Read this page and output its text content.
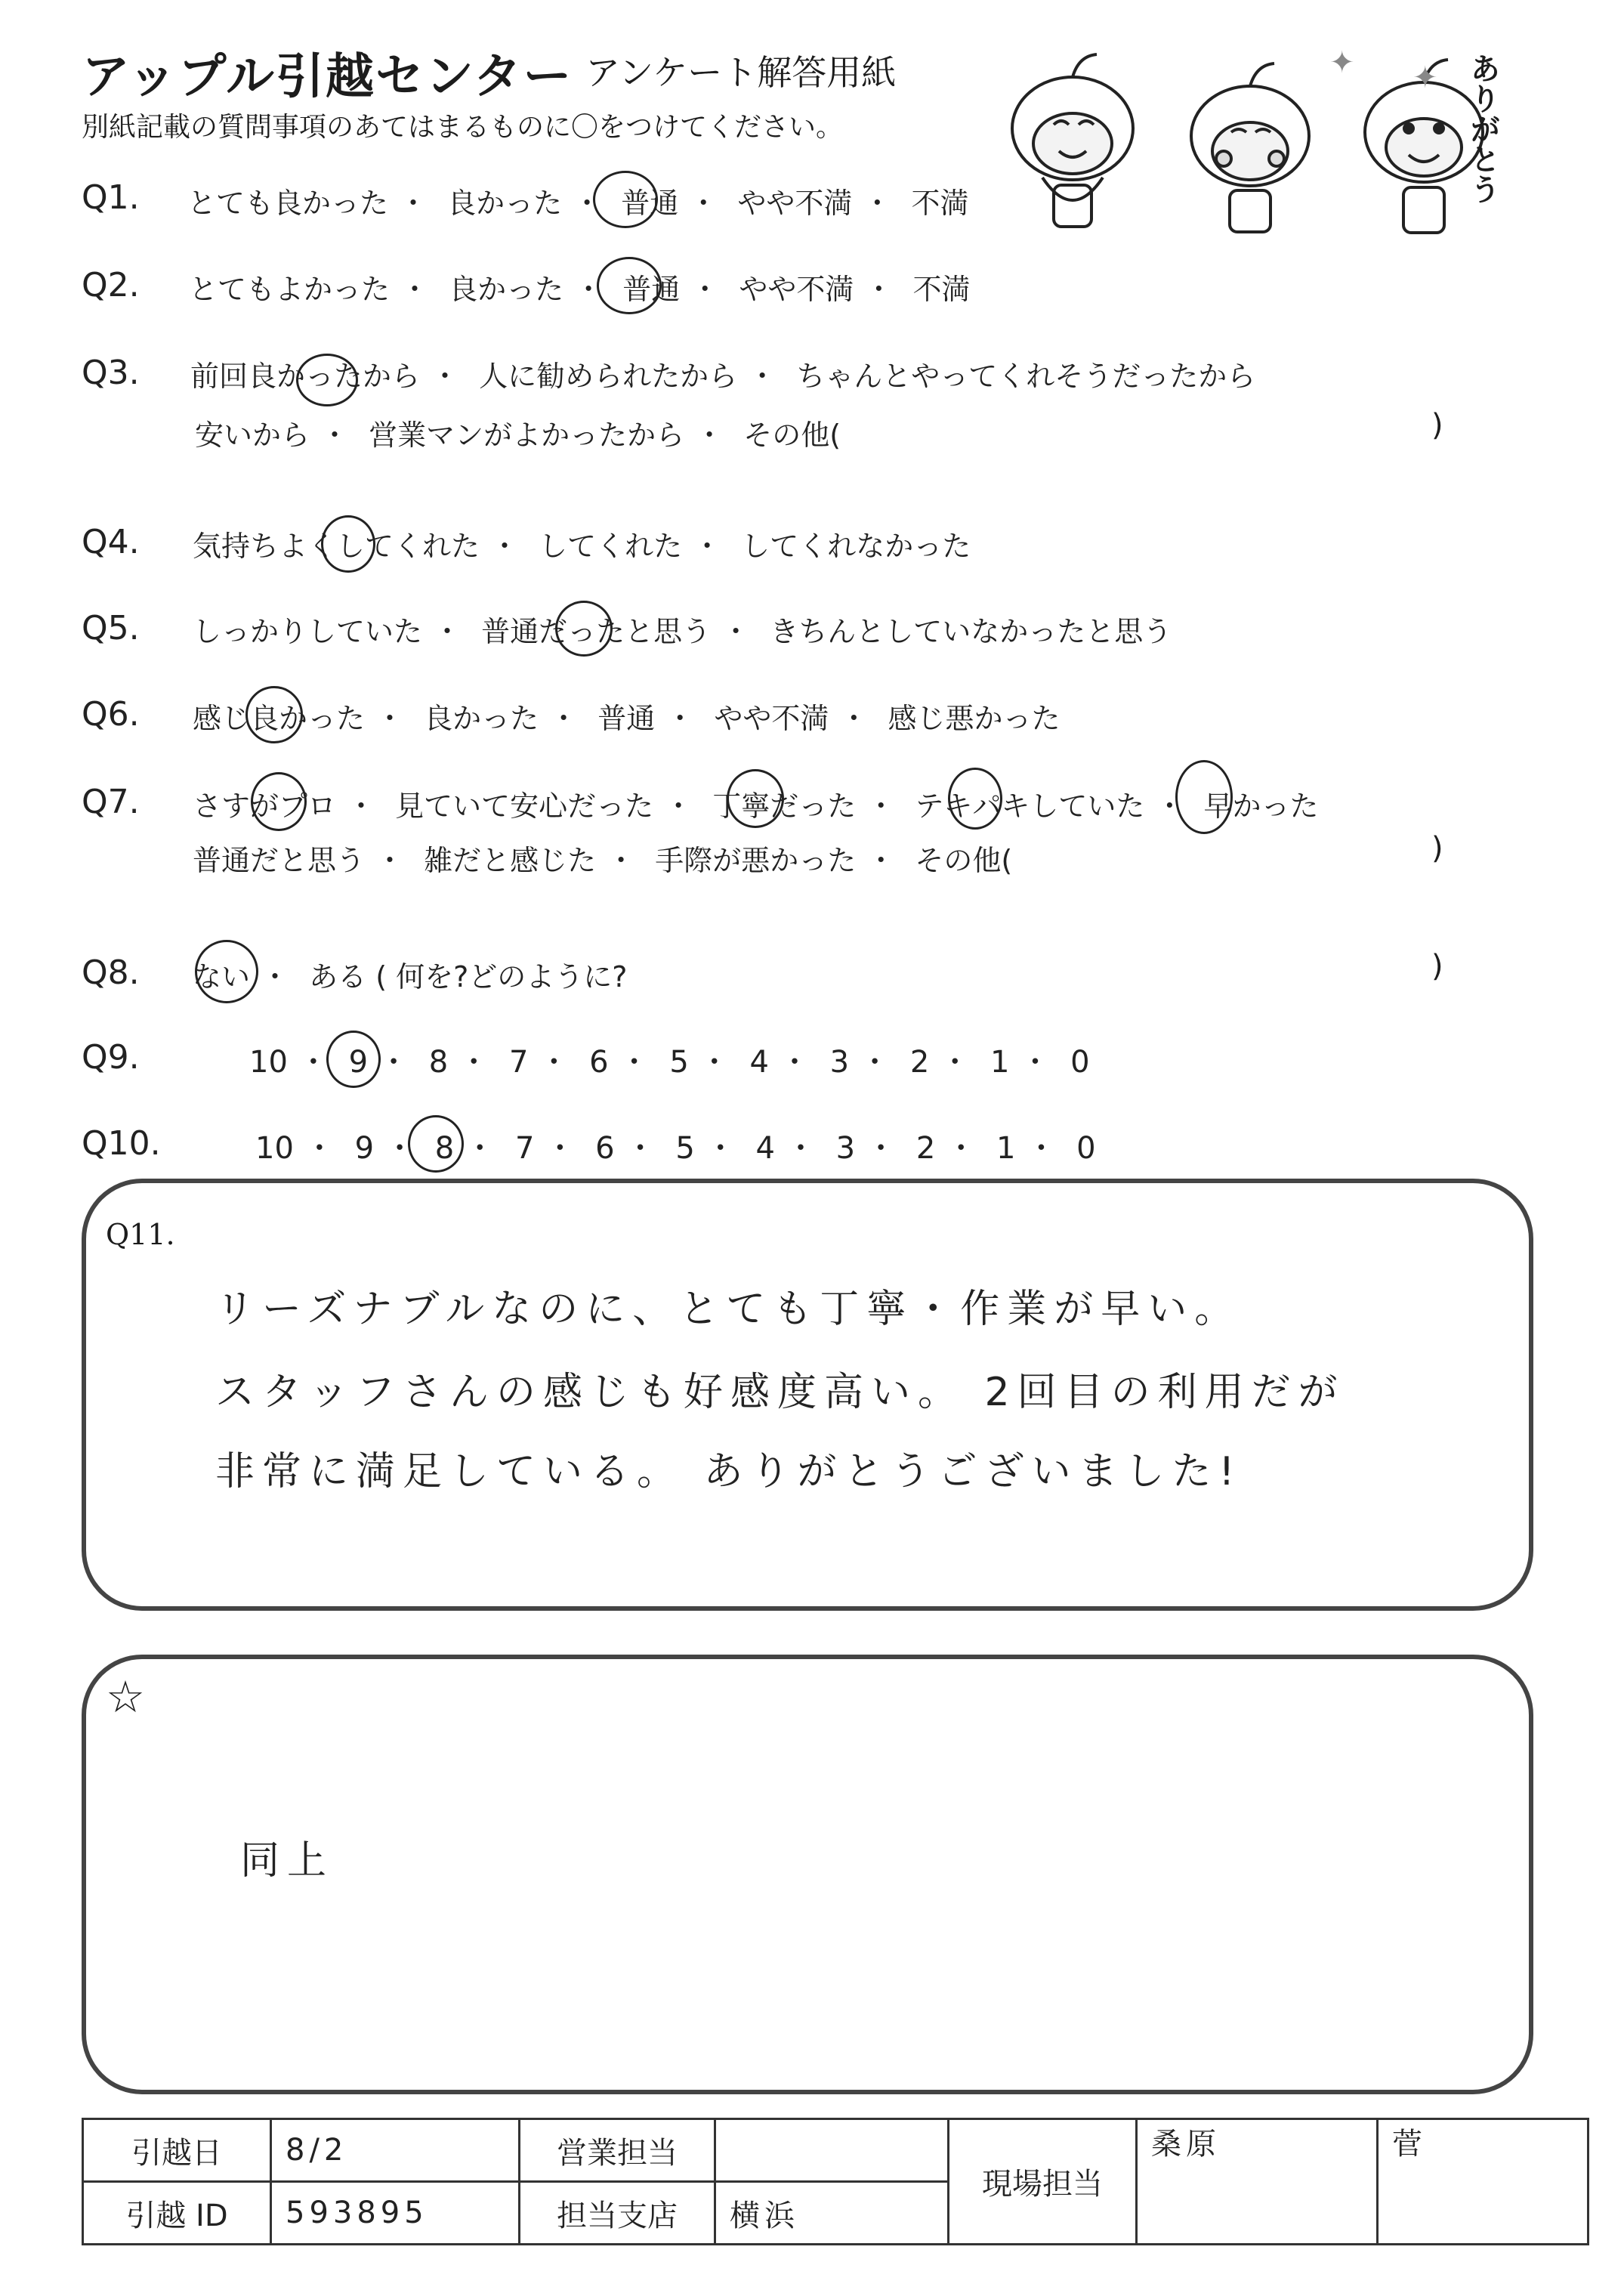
アップル引越センター アンケート解答用紙
別紙記載の質問事項のあてはまるものに〇をつけてください。
✦ ✦ ありがとう
Q1. とても良かった ・ 良かった ・ 普通 ・ やや不満 ・ 不満
Q2. とてもよかった ・ 良かった ・ 普通 ・ やや不満 ・ 不満
Q3. 前回良かったから ・ 人に勧められたから ・ ちゃんとやってくれそうだったから
安いから ・ 営業マンがよかったから ・ その他(	)
Q4. 気持ちよくしてくれた ・ してくれた ・ してくれなかった
Q5. しっかりしていた ・ 普通だったと思う ・ きちんとしていなかったと思う
Q6. 感じ良かった ・ 良かった ・ 普通 ・ やや不満 ・ 感じ悪かった
Q7. さすがプロ ・ 見ていて安心だった ・ 丁寧だった ・ テキパキしていた ・ 早かった
普通だと思う ・ 雑だと感じた ・ 手際が悪かった ・ その他(	)
Q8. ない ・ ある ( 何を?どのように?	)
Q9.	10 ・ 9 ・ 8 ・ 7 ・ 6 ・ 5 ・ 4 ・ 3 ・ 2 ・ 1 ・ 0
Q10.	10 ・ 9 ・ 8 ・ 7 ・ 6 ・ 5 ・ 4 ・ 3 ・ 2 ・ 1 ・ 0
Q11.
リーズナブルなのに、とても丁寧・作業が早い。
スタッフさんの感じも好感度高い。 2回目の利用だが
非常に満足している。 ありがとうございました!
☆
同上
引越日	8/2	営業担当		現場担当	桑原	菅
引越 ID	593895	担当支店	横浜			
